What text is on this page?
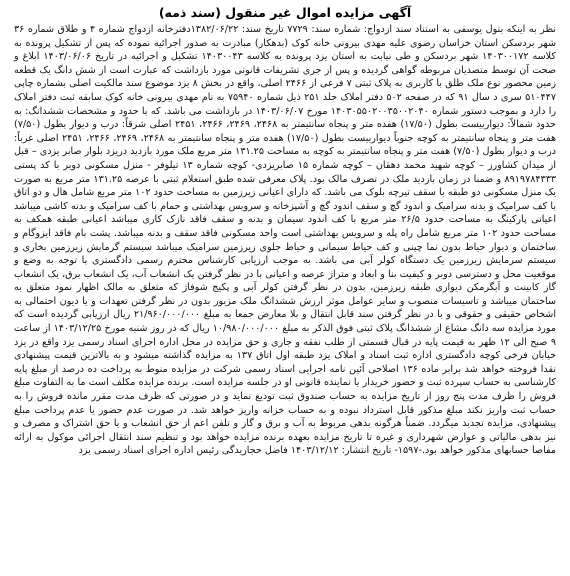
آگهی مزایده اموال غیر منقول (سند ذمه)

نظر به اینکه بتول یوسفی به استناد سند ازدواج: شماره سند: ۷۷۲۹ تاریخ سند: ۱۳۸۲/۰۶/۲۲دفترخانه ازدواج شماره ۴ و طلاق شماره ۳۶ شهر بردسکن استان خراسان رضوی علیه مهدی بیرونی خانه کوک (بدهکار) مبادرت به صدور اجرائیه نموده که پس از تشکیل پرونده به کلاسه ۱۴۰۳۰۰۱۷۲ شهر بردسکن و طی نیابت به استان یزد پرونده به کلاسه ۱۴۰۳۰۰۴۳ تشکیل و اجرائیه در تاریخ ۱۴۰۳/۰۶/۰۶ ابلاغ و صحت آن توسط متصدیان مربوطه گواهی گردیده و پس از جری تشریفات قانونی مورد بازداشت که عبارت است از شش دانگ یک قطعه زمین محصور نوع ملک طلق با کاربری به پلاک ثبتی ۷ فرعی از ۲۴۶۶ اصلی، واقع در بخش ۸ یزد موضوع سند مالکیت اصلی بشماره چاپی ۵۱۰۴۴۷ سری د سال ۹۱ که در صفحه ۵۰۲ دفتر املاک جلد ۲۵۱ ذیل شماره ۷۵۹۴۰ به نام مهدی بیرونی خانه کوک سابقه ثبت دفتر املاک را دارد و بموجب دستور شماره ۱۴۰۳۰۵۵۰۲۰۰۳۵۰۰۲۰۴۰ مورخ ۱۴۰۳/۰۶/۰۷ در بازداشت می باشد. که با حدود و مشخصات ششدانگ: به حدود شمالاً: دیواربیست بطول (۱۷/۵۰) هفده متر و پنجاه سانتیمتر به ۲۴۶۸، ۲۴۶۹، ۲۴۶۶، ۲۴۵۱ اصلی شرقاً: درب و دیوار بطول (۷/۵۰) هفت متر و پنجاه سانتیمتر به کوچه جنوباً دیواربیست بطول (۱۷/۵۰) هفده متر و پنجاه سانتیمتر به ۲۴۶۸، ۲۴۶۹، ۲۴۶۶، ۲۴۵۱ اصلی غرباً: درب و دیوار بطول (۷/۵۰) هفت متر و پنجاه سانتیمتر به کوچه به مساحت ۱۳۱.۲۵ متر مربع ملک مورد بازدید دریزد بلوار صابر یزدی – قبل از میدان کشاورز – کوچه شهید محمد دهقان – کوچه شماره ۱۵ صابریزدی- کوچه شماره ۱۳ تیلوفر - منزل مسکونی دوبر با کد پستی ۸۹۱۹۷۸۴۳۳۳ و ضمنا در زمان بازدید ملک در تصرف مالک بود. پلاک معرفی شده طبق استعلام ثبتی با عرصه ۱۳۱.۲۵ متر مربع به صورت یک منزل مسکونی دو طبقه با سقف تیرچه بلوک می باشد. که دارای اعیانی زیرزمین به مساحت حدود ۱۰۲ متر مربع شامل هال و دو اتاق با کف سرامیک و بدنه سرامیک و اندود گچ و سقف اندود گچ و آشپزخانه و سرویس بهداشتی و حمام با کف سرامیک و بدنه کاشی میباشد اعیانی پارکینگ به مساحت حدود ۲۶/۵ متر مربع با کف اندود سیمان و بدنه و سقف فاقد نازک کاری میباشد اعیانی طبقه همکف به مساحت حدود ۱۰۲ متر مربع شامل راه پله و سرویس بهداشتی است واحد مسکونی فاقد سقف و بدنه میباشد. پشت بام فاقد ایزوگام و ساختمان و دیوار حیاط بدون نما چینی و کف حیاط سیمانی و حیاط جلوی زیرزمین سرامیک میباشد سیستم گرمایش زیرزمین بخاری و سیستم سرمایش زیرزمین یک دستگاه کولر آبی می باشد. به موجب ارزیابی کارشناس محترم رسمی دادگستری با توجه به وضع و موقعیت محل و دسترسی دوبر و کیفیت بنا و ابعاد و متراژ عرصه و اعیانی با در نظر گرفتن یک انشعاب آب، یک انشعاب برق، یک انشعاب گاز کابینت و آبگرمکن دیواری طبقه زیرزمین، بدون در نظر گرفتن کولر آبی و پکیج شوفاژ که متعلق به مالک اظهار نمود متعلق به ساختمان میباشد و تاسیسات منصوب و سایر عوامل موثر ارزش ششدانگ ملک مزبور بدون در نظر گرفتن تعهدات و یا دیون احتمالی به اشخاص حقیقی و حقوقی و با در نظر گرفتن سند قابل انتقال و بلا معارض جمعا به مبلغ ۲۱/۹۶۰/۰۰۰/۰۰۰ ریال ارزیابی گردیده است که مورد مزایده سه دانگ مشاع از ششدانگ پلاک ثبتی فوق الذکر به مبلغ ۱۰/۹۸۰/۰۰۰/۰۰۰ ریال که در روز شنبه مورخ ۱۴۰۳/۱۲/۲۵ از ساعت ۹ صبح الی ۱۲ ظهر به قیمت پایه در قبال قسمتی از طلب نفقه و جاری و حق مزایده در محل اداره اجرای اسناد رسمی یزد واقع در یزد خیابان فرخی کوچه دادگستری اداره ثبت اسناد و املاک یزد طبقه اول اتاق ۱۳۷ به مزایده گذاشته میشود و به بالاترین قیمت پیشنهادی نقدا فروخته خواهد شد برابر ماده ۱۳۶ اصلاحی آئین نامه اجرایی اسناد رسمی شرکت در مزایده منوط به پرداخت ده درصد از مبلغ پایه کارشناسی به حساب سپرده ثبت و حضور خریدار یا نماینده قانونی او در جلسه مزایده است. برنده مزایده مکلف است ما به التفاوت مبلغ فروش را ظرف مدت پنج روز از تاریخ مزایده به حساب صندوق ثبت تودیع نماید و در صورتی که ظرف مدت مقرر مانده فروش را به حساب ثبت واریز نکند مبلغ مذکور قابل استرداد نبوده و به حساب خزانه واریز خواهد شد. در صورت عدم حضور یا عدم پرداخت مبلغ پیشنهادی، مزایده تجدید میگردد. ضمناً هرگونه بدهی مربوط به آب و برق و گاز و تلفن اعم از حق انشعاب و یا حق اشتراک و مصرف و نیز بدهی مالیاتی و عوارض شهرداری و غیره تا تاریخ مزایده بعهده برنده مزایده خواهد بود و تنظیم سند انتقال اجرائی موکول به ارائه مفاصا حسابهای مذکور خواهد بود.-۱۵۹۷- تاریخ انتشار: ۱۴۰۳/۱۲/۱۲ فاضل حجاریدگی رئیس اداره اجرای اسناد رسمی یزد
